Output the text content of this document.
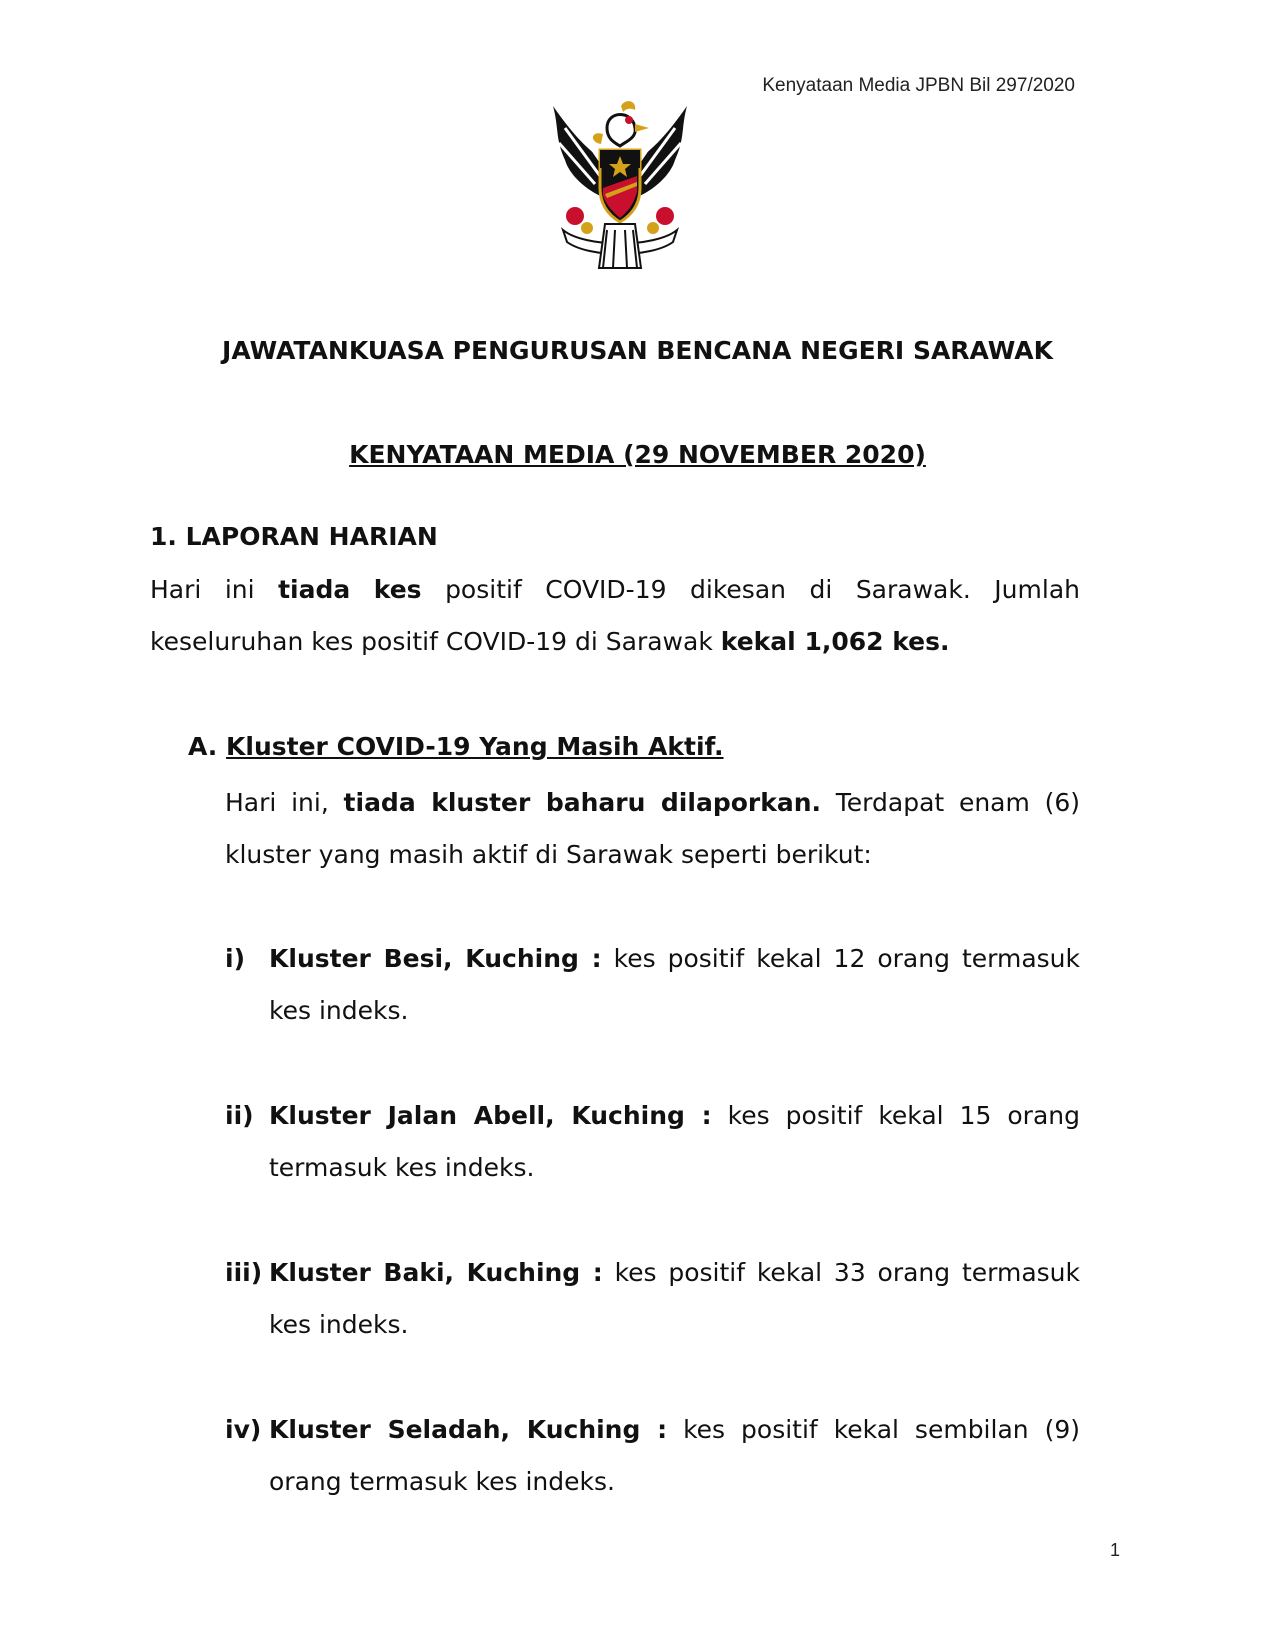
Kenyataan Media JPBN Bil 297/2020
JAWATANKUASA PENGURUSAN BENCANA NEGERI SARAWAK
KENYATAAN MEDIA (29 NOVEMBER 2020)
1. LAPORAN HARIAN
Hari ini tiada kes positif COVID-19 dikesan di Sarawak. Jumlah keseluruhan kes positif COVID-19 di Sarawak kekal 1,062 kes.
A. Kluster COVID-19 Yang Masih Aktif.
Hari ini, tiada kluster baharu dilaporkan. Terdapat enam (6) kluster yang masih aktif di Sarawak seperti berikut:
i) Kluster Besi, Kuching : kes positif kekal 12 orang termasuk kes indeks.
ii) Kluster Jalan Abell, Kuching : kes positif kekal 15 orang termasuk kes indeks.
iii) Kluster Baki, Kuching : kes positif kekal 33 orang termasuk kes indeks.
iv) Kluster Seladah, Kuching : kes positif kekal sembilan (9) orang termasuk kes indeks.
1
